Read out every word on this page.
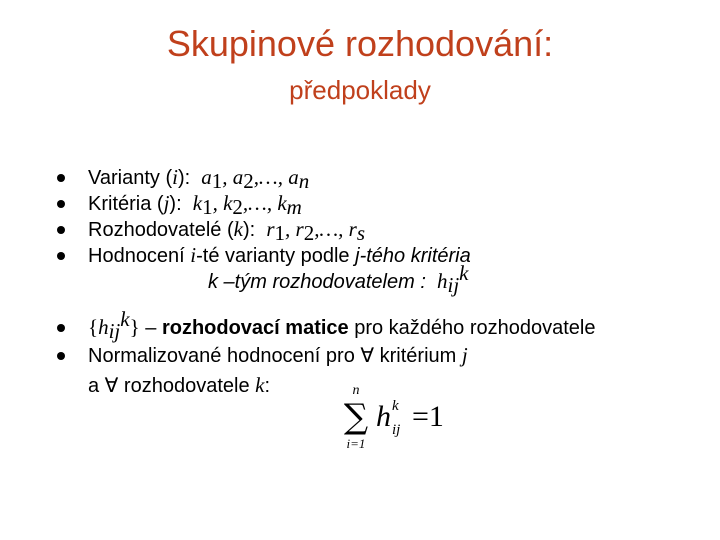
Skupinové rozhodování:
předpoklady
Varianty (i): $a_1$, $a_2,\dots$, $a_n$
Kritéria (j): $k_1$, $k_2,\dots$, $k_m$
Rozhodovatelé (k): $r_1$, $r_2,\dots$, $r_s$
Hodnocení i-té varianty podle j-tého kritéria
k –tým rozhodovatelem : $h_{ij}^k$
$\{h_{ij}^k\}$ – rozhodovací matice pro každého rozhodovatele
Normalizované hodnocení pro ∀ kritérium j
a ∀ rozhodovatele k:	n
∑
i=1
h k
ij =1
